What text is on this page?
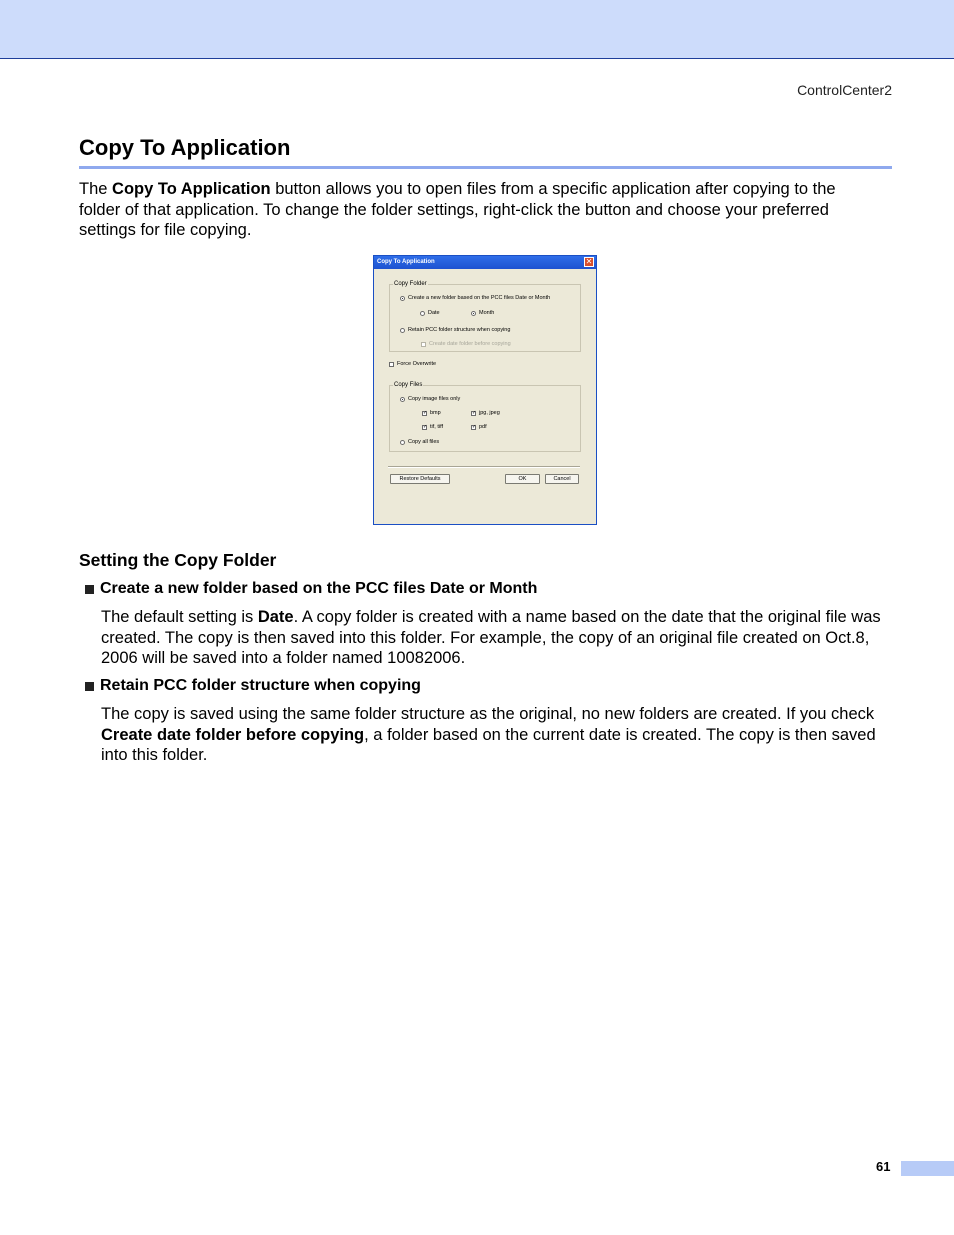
ControlCenter2
Copy To Application

The Copy To Application button allows you to open files from a specific application after copying to the folder of that application. To change the folder settings, right-click the button and choose your preferred settings for file copying.

Copy To Application	✕
Copy Folder
Create a new folder based on the PCC files Date or Month
Date	Month
Retain PCC folder structure when copying
Create date folder before copying
Force Overwrite
Copy Files
Copy image files only
✓ bmp	✓ jpg, jpeg
✓ tif, tiff	✓ pdf
Copy all files
Restore Defaults	OK	Cancel
Setting the Copy Folder
Create a new folder based on the PCC files Date or Month

The default setting is Date. A copy folder is created with a name based on the date that the original file was created. The copy is then saved into this folder. For example, the copy of an original file created on Oct.8, 2006 will be saved into a folder named 10082006.

Retain PCC folder structure when copying

The copy is saved using the same folder structure as the original, no new folders are created. If you check Create date folder before copying, a folder based on the current date is created. The copy is then saved into this folder.

61
